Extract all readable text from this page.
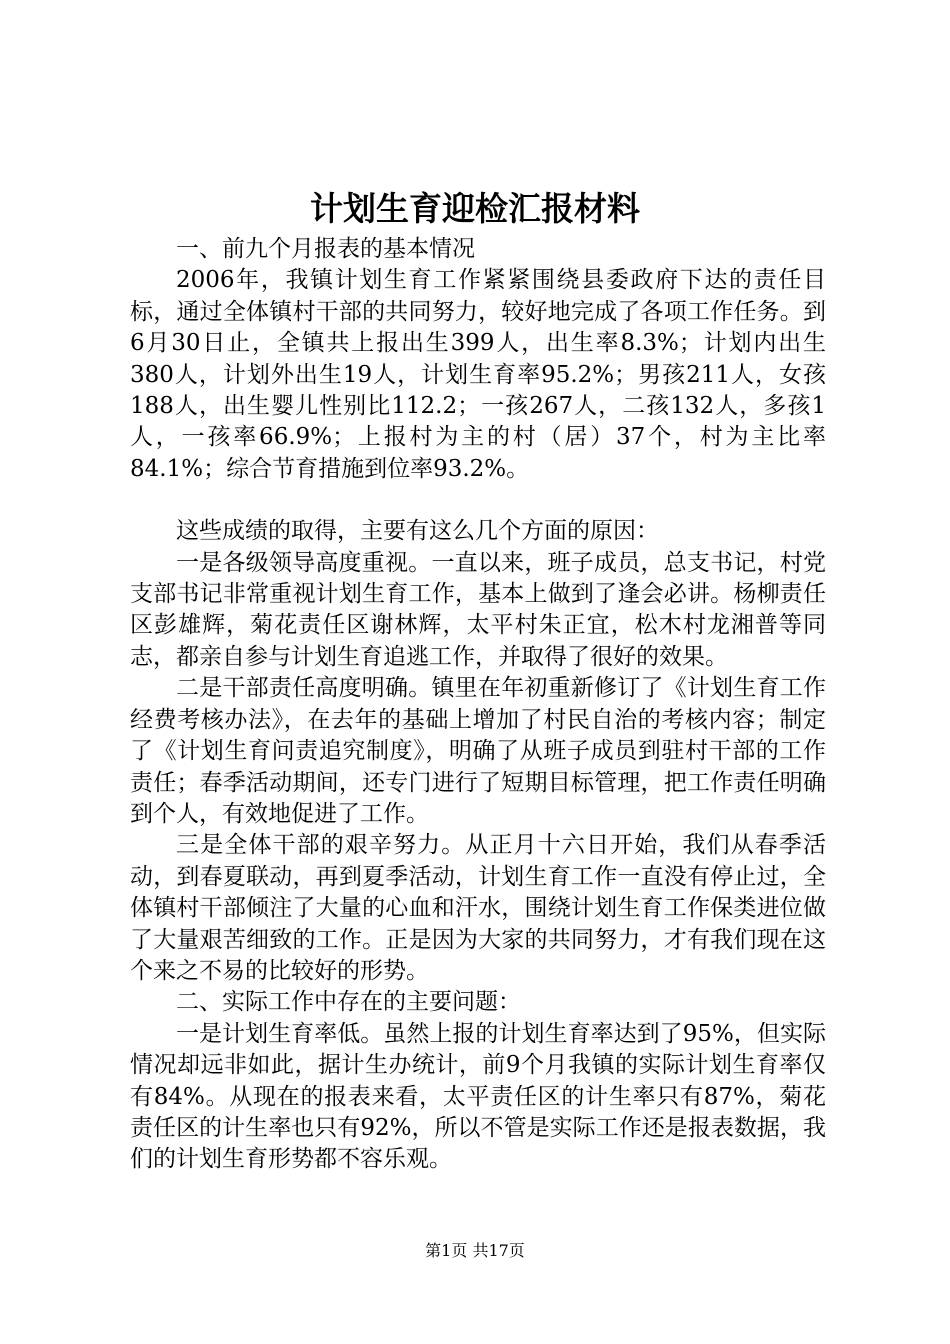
计划生育迎检汇报材料

一、前九个月报表的基本情况

2006年，我镇计划生育工作紧紧围绕县委政府下达的责任目标，通过全体镇村干部的共同努力，较好地完成了各项工作任务。到6月30日止，全镇共上报出生399人，出生率8.3%；计划内出生380人，计划外出生19人，计划生育率95.2%；男孩211人，女孩188人，出生婴儿性别比112.2；一孩267人，二孩132人，多孩1人，一孩率66.9%；上报村为主的村（居）37个，村为主比率84.1%；综合节育措施到位率93.2%。

这些成绩的取得，主要有这么几个方面的原因：

一是各级领导高度重视。一直以来，班子成员，总支书记，村党支部书记非常重视计划生育工作，基本上做到了逢会必讲。杨柳责任区彭雄辉，菊花责任区谢林辉，太平村朱正宜，松木村龙湘普等同志，都亲自参与计划生育追逃工作，并取得了很好的效果。

二是干部责任高度明确。镇里在年初重新修订了《计划生育工作经费考核办法》，在去年的基础上增加了村民自治的考核内容；制定了《计划生育问责追究制度》，明确了从班子成员到驻村干部的工作责任；春季活动期间，还专门进行了短期目标管理，把工作责任明确到个人，有效地促进了工作。

三是全体干部的艰辛努力。从正月十六日开始，我们从春季活动，到春夏联动，再到夏季活动，计划生育工作一直没有停止过，全体镇村干部倾注了大量的心血和汗水，围绕计划生育工作保类进位做了大量艰苦细致的工作。正是因为大家的共同努力，才有我们现在这个来之不易的比较好的形势。

二、实际工作中存在的主要问题：

一是计划生育率低。虽然上报的计划生育率达到了95%，但实际情况却远非如此，据计生办统计，前9个月我镇的实际计划生育率仅有84%。从现在的报表来看，太平责任区的计生率只有87%，菊花责任区的计生率也只有92%，所以不管是实际工作还是报表数据，我们的计划生育形势都不容乐观。

第1页 共17页
